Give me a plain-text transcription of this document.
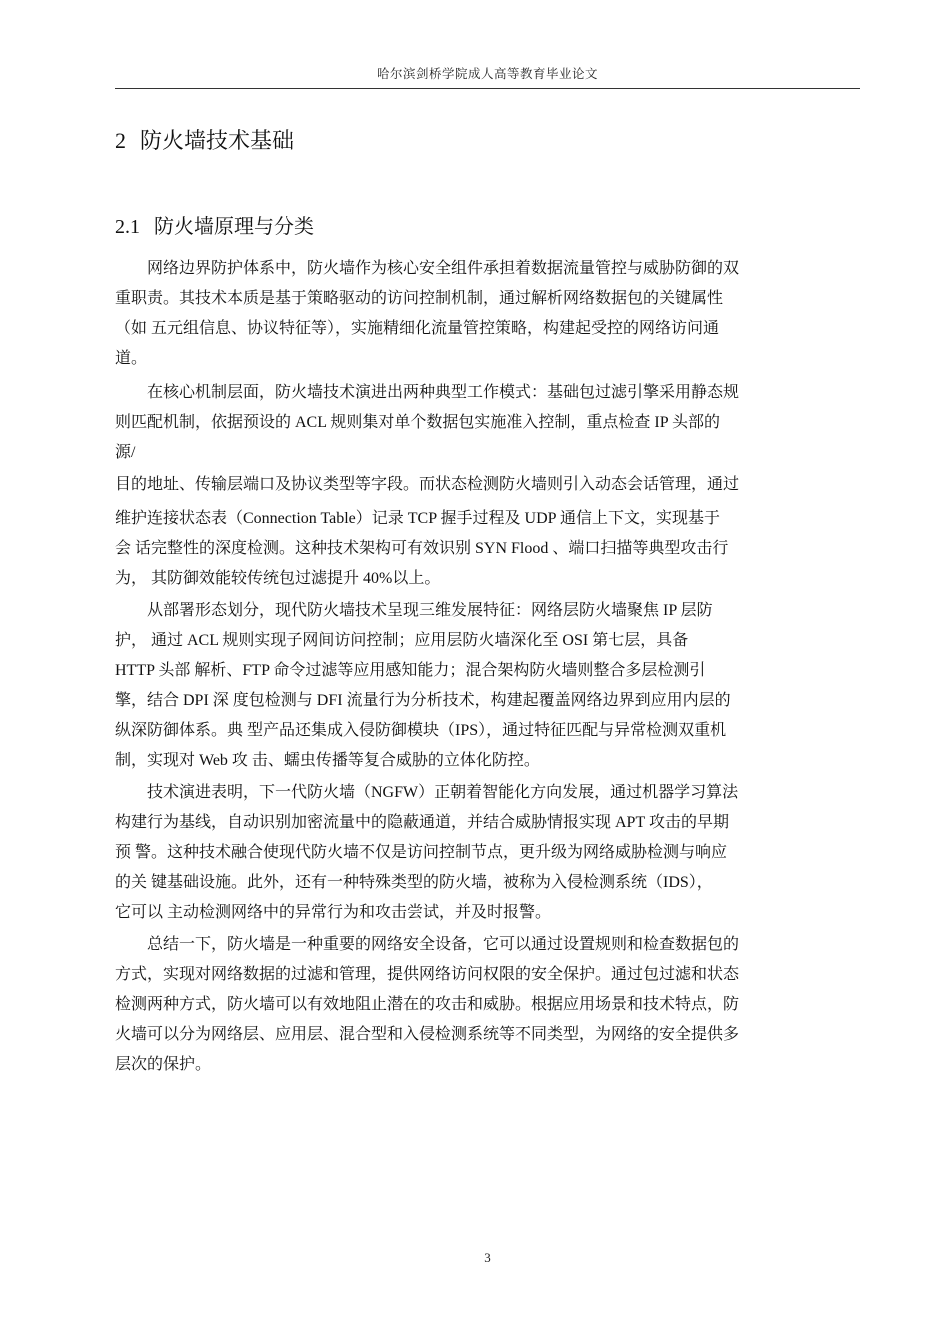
哈尔滨剑桥学院成人高等教育毕业论文
2 防火墙技术基础
2.1 防火墙原理与分类

网络边界防护体系中，防火墙作为核心安全组件承担着数据流量管控与威胁防御的双
重职责。其技术本质是基于策略驱动的访问控制机制，通过解析网络数据包的关键属性
（如 五元组信息、协议特征等），实施精细化流量管控策略，构建起受控的网络访问通
道。

在核心机制层面，防火墙技术演进出两种典型工作模式：基础包过滤引擎采用静态规
则匹配机制，依据预设的 ACL 规则集对单个数据包实施准入控制，重点检查 IP 头部的
源/
目的地址、传输层端口及协议类型等字段。而状态检测防火墙则引入动态会话管理，通过
维护连接状态表（Connection Table）记录 TCP 握手过程及 UDP 通信上下文，实现基于
会 话完整性的深度检测。这种技术架构可有效识别 SYN Flood 、端口扫描等典型攻击行
为， 其防御效能较传统包过滤提升 40%以上。

从部署形态划分，现代防火墙技术呈现三维发展特征：网络层防火墙聚焦 IP 层防
护， 通过 ACL 规则实现子网间访问控制；应用层防火墙深化至 OSI 第七层，具备
HTTP 头部 解析、FTP 命令过滤等应用感知能力；混合架构防火墙则整合多层检测引
擎，结合 DPI 深 度包检测与 DFI 流量行为分析技术，构建起覆盖网络边界到应用内层的
纵深防御体系。典 型产品还集成入侵防御模块（IPS），通过特征匹配与异常检测双重机
制，实现对 Web 攻 击、蠕虫传播等复合威胁的立体化防控。

技术演进表明，下一代防火墙（NGFW）正朝着智能化方向发展，通过机器学习算法
构建行为基线，自动识别加密流量中的隐蔽通道，并结合威胁情报实现 APT 攻击的早期
预 警。这种技术融合使现代防火墙不仅是访问控制节点，更升级为网络威胁检测与响应
的关 键基础设施。此外，还有一种特殊类型的防火墙，被称为入侵检测系统（IDS），
它可以 主动检测网络中的异常行为和攻击尝试，并及时报警。

总结一下，防火墙是一种重要的网络安全设备，它可以通过设置规则和检查数据包的
方式，实现对网络数据的过滤和管理，提供网络访问权限的安全保护。通过包过滤和状态
检测两种方式，防火墙可以有效地阻止潜在的攻击和威胁。根据应用场景和技术特点，防
火墙可以分为网络层、应用层、混合型和入侵检测系统等不同类型，为网络的安全提供多
层次的保护。

3
